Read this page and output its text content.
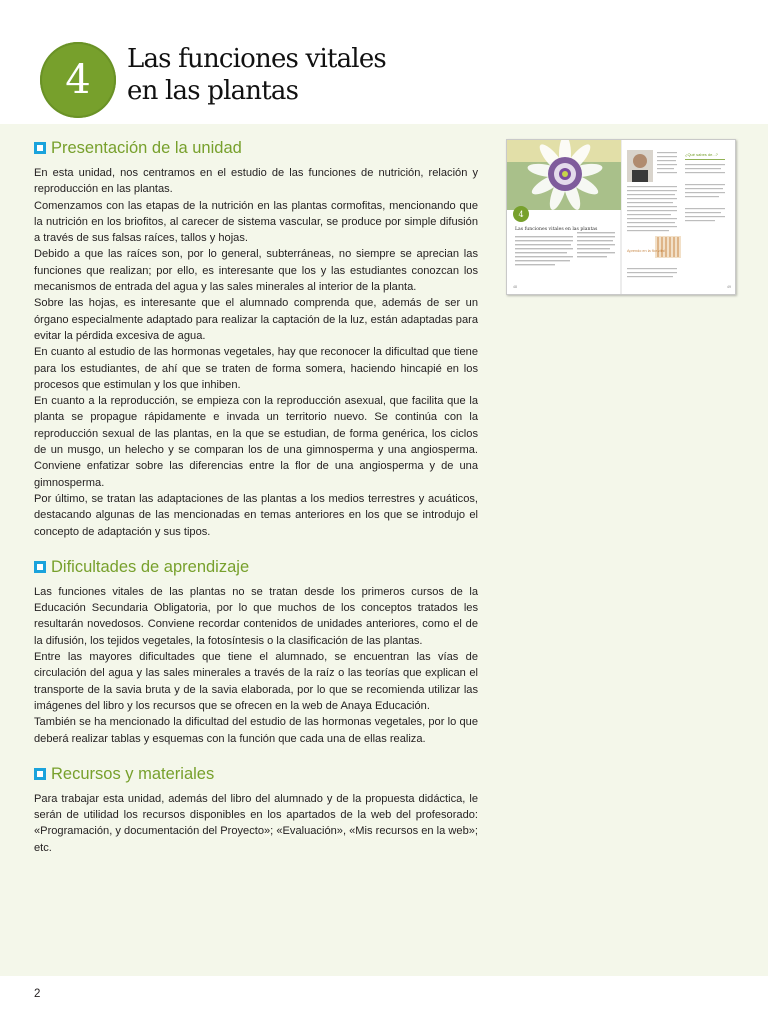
4 Las funciones vitales
en las plantas
Presentación de la unidad

En esta unidad, nos centramos en el estudio de las funciones de nutrición, relación y reproducción en las plantas.

Comenzamos con las etapas de la nutrición en las plantas cormofitas, mencionando que la nutrición en los briofitos, al carecer de sistema vascular, se produce por simple difusión a través de sus falsas raíces, tallos y hojas.

Debido a que las raíces son, por lo general, subterráneas, no siempre se aprecian las funciones que realizan; por ello, es interesante que los y las estudiantes conozcan los mecanismos de entrada del agua y las sales minerales al interior de la planta.

Sobre las hojas, es interesante que el alumnado comprenda que, además de ser un órgano especialmente adaptado para realizar la captación de la luz, están adaptadas para evitar la pérdida excesiva de agua.

En cuanto al estudio de las hormonas vegetales, hay que reconocer la dificultad que tiene para los estudiantes, de ahí que se traten de forma somera, haciendo hincapié en los procesos que estimulan y los que inhiben.

En cuanto a la reproducción, se empieza con la reproducción asexual, que facilita que la planta se propague rápidamente e invada un territorio nuevo. Se continúa con la reproducción sexual de las plantas, en la que se estudian, de forma genérica, los ciclos de un musgo, un helecho y se comparan los de una gimnosperma y una angiosperma. Conviene enfatizar sobre las diferencias entre la flor de una angiosperma y de una gimnosperma.

Por último, se tratan las adaptaciones de las plantas a los medios terrestres y acuáticos, destacando algunas de las mencionadas en temas anteriores en los que se introdujo el concepto de adaptación y sus tipos.

Dificultades de aprendizaje

Las funciones vitales de las plantas no se tratan desde los primeros cursos de la Educación Secundaria Obligatoria, por lo que muchos de los conceptos tratados les resultarán novedosos. Conviene recordar contenidos de unidades anteriores, como el de la difusión, los tejidos vegetales, la fotosíntesis o la clasificación de las plantas.

Entre las mayores dificultades que tiene el alumnado, se encuentran las vías de circulación del agua y las sales minerales a través de la raíz o las teorías que explican el transporte de la savia bruta y de la savia elaborada, por lo que se recomienda utilizar las imágenes del libro y los recursos que se ofrecen en la web de Anaya Educación.

También se ha mencionado la dificultad del estudio de las hormonas vegetales, por lo que deberá realizar tablas y esquemas con la función que cada una de ellas realiza.

Recursos y materiales

Para trabajar esta unidad, además del libro del alumnado y de la propuesta didáctica, le serán de utilidad los recursos disponibles en los apartados de la web del profesorado: «Programación, y documentación del Proyecto»; «Evaluación», «Mis recursos en la web»; etc.

4
Las funciones vitales en las plantas
48
¿Qué sabes de...?
Aprendo en la flor vital
49
2
